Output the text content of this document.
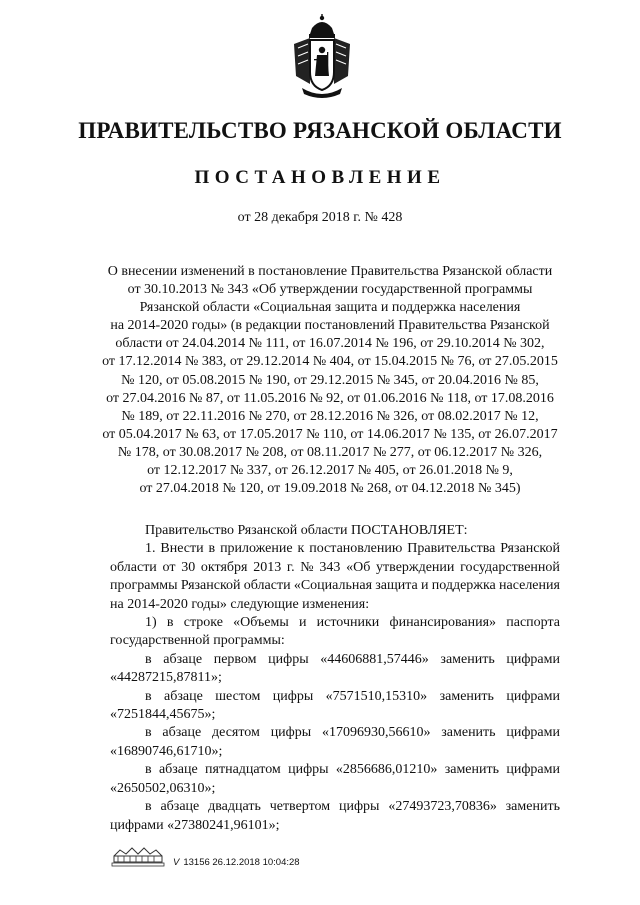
ПРАВИТЕЛЬСТВО РЯЗАНСКОЙ ОБЛАСТИ
ПОСТАНОВЛЕНИЕ
от 28 декабря 2018 г. № 428
О внесении изменений в постановление Правительства Рязанской области
от 30.10.2013 № 343 «Об утверждении государственной программы
Рязанской области «Социальная защита и поддержка населения
на 2014-2020 годы» (в редакции постановлений Правительства Рязанской
области от 24.04.2014 № 111, от 16.07.2014 № 196, от 29.10.2014 № 302,
от 17.12.2014 № 383, от 29.12.2014 № 404, от 15.04.2015 № 76, от 27.05.2015
№ 120, от 05.08.2015 № 190, от 29.12.2015 № 345, от 20.04.2016 № 85,
от 27.04.2016 № 87, от 11.05.2016 № 92, от 01.06.2016 № 118, от 17.08.2016
№ 189, от 22.11.2016 № 270, от 28.12.2016 № 326, от 08.02.2017 № 12,
от 05.04.2017 № 63, от 17.05.2017 № 110, от 14.06.2017 № 135, от 26.07.2017
№ 178, от 30.08.2017 № 208, от 08.11.2017 № 277, от 06.12.2017 № 326,
от 12.12.2017 № 337, от 26.12.2017 № 405, от 26.01.2018 № 9,
от 27.04.2018 № 120, от 19.09.2018 № 268, от 04.12.2018 № 345)
Правительство Рязанской области ПОСТАНОВЛЯЕТ:
1. Внести в приложение к постановлению Правительства Рязанской
области от 30 октября 2013 г. № 343 «Об утверждении государственной
программы Рязанской области «Социальная защита и поддержка населения
на 2014-2020 годы» следующие изменения:
1) в строке «Объемы и источники финансирования» паспорта
государственной программы:
в абзаце первом цифры «44606881,57446» заменить цифрами
«44287215,87811»;
в абзаце шестом цифры «7571510,15310» заменить цифрами
«7251844,45675»;
в абзаце десятом цифры «17096930,56610» заменить цифрами
«16890746,61710»;
в абзаце пятнадцатом цифры «2856686,01210» заменить цифрами
«2650502,06310»;
в абзаце двадцать четвертом цифры «27493723,70836» заменить
цифрами «27380241,96101»;
V 13156 26.12.2018 10:04:28
